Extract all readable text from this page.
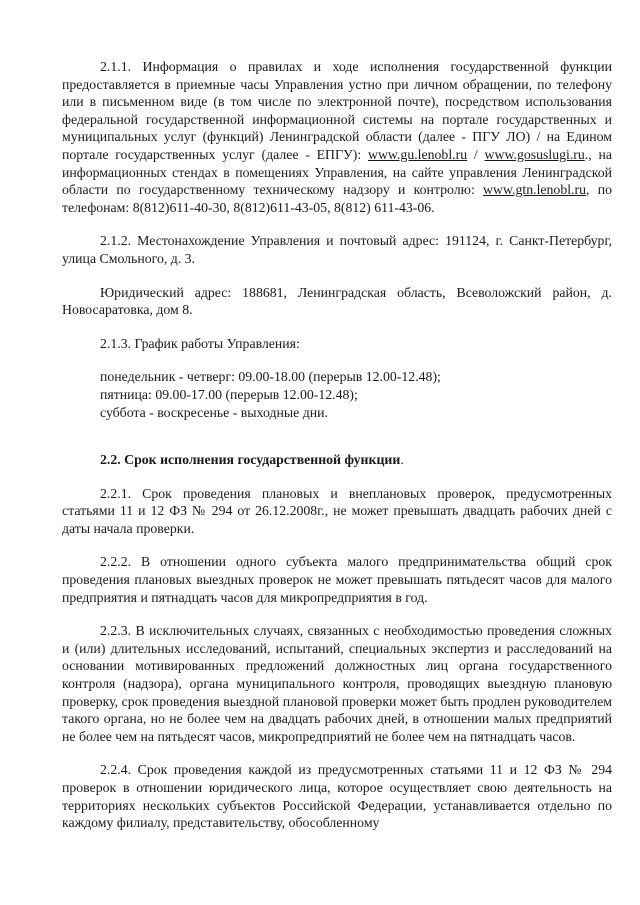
2.1.1. Информация о правилах и ходе исполнения государственной функции предоставляется в приемные часы Управления устно при личном обращении, по телефону или в письменном виде (в том числе по электронной почте), посредством использования федеральной государственной информационной системы на портале государственных и муниципальных услуг (функций) Ленинградской области (далее - ПГУ ЛО) / на Едином портале государственных услуг (далее - ЕПГУ): www.gu.lenobl.ru / www.gosuslugi.ru., на информационных стендах в помещениях Управления, на сайте управления Ленинградской области по государственному техническому надзору и контролю: www.gtn.lenobl.ru, по телефонам: 8(812)611-40-30, 8(812)611-43-05, 8(812) 611-43-06.

2.1.2. Местонахождение Управления и почтовый адрес: 191124, г. Санкт-Петербург, улица Смольного, д. 3.

Юридический адрес: 188681, Ленинградская область, Всеволожский район, д. Новосаратовка, дом 8.

2.1.3. График работы Управления:

понедельник - четверг: 09.00-18.00 (перерыв 12.00-12.48);

пятница: 09.00-17.00 (перерыв 12.00-12.48);

суббота - воскресенье - выходные дни.

2.2. Срок исполнения государственной функции.

2.2.1. Срок проведения плановых и внеплановых проверок, предусмотренных статьями 11 и 12 ФЗ № 294 от 26.12.2008г., не может превышать двадцать рабочих дней с даты начала проверки.

2.2.2. В отношении одного субъекта малого предпринимательства общий срок проведения плановых выездных проверок не может превышать пятьдесят часов для малого предприятия и пятнадцать часов для микропредприятия в год.

2.2.3. В исключительных случаях, связанных с необходимостью проведения сложных и (или) длительных исследований, испытаний, специальных экспертиз и расследований на основании мотивированных предложений должностных лиц органа государственного контроля (надзора), органа муниципального контроля, проводящих выездную плановую проверку, срок проведения выездной плановой проверки может быть продлен руководителем такого органа, но не более чем на двадцать рабочих дней, в отношении малых предприятий не более чем на пятьдесят часов, микропредприятий не более чем на пятнадцать часов.

2.2.4. Срок проведения каждой из предусмотренных статьями 11 и 12 ФЗ № 294 проверок в отношении юридического лица, которое осуществляет свою деятельность на территориях нескольких субъектов Российской Федерации, устанавливается отдельно по каждому филиалу, представительству, обособленному
